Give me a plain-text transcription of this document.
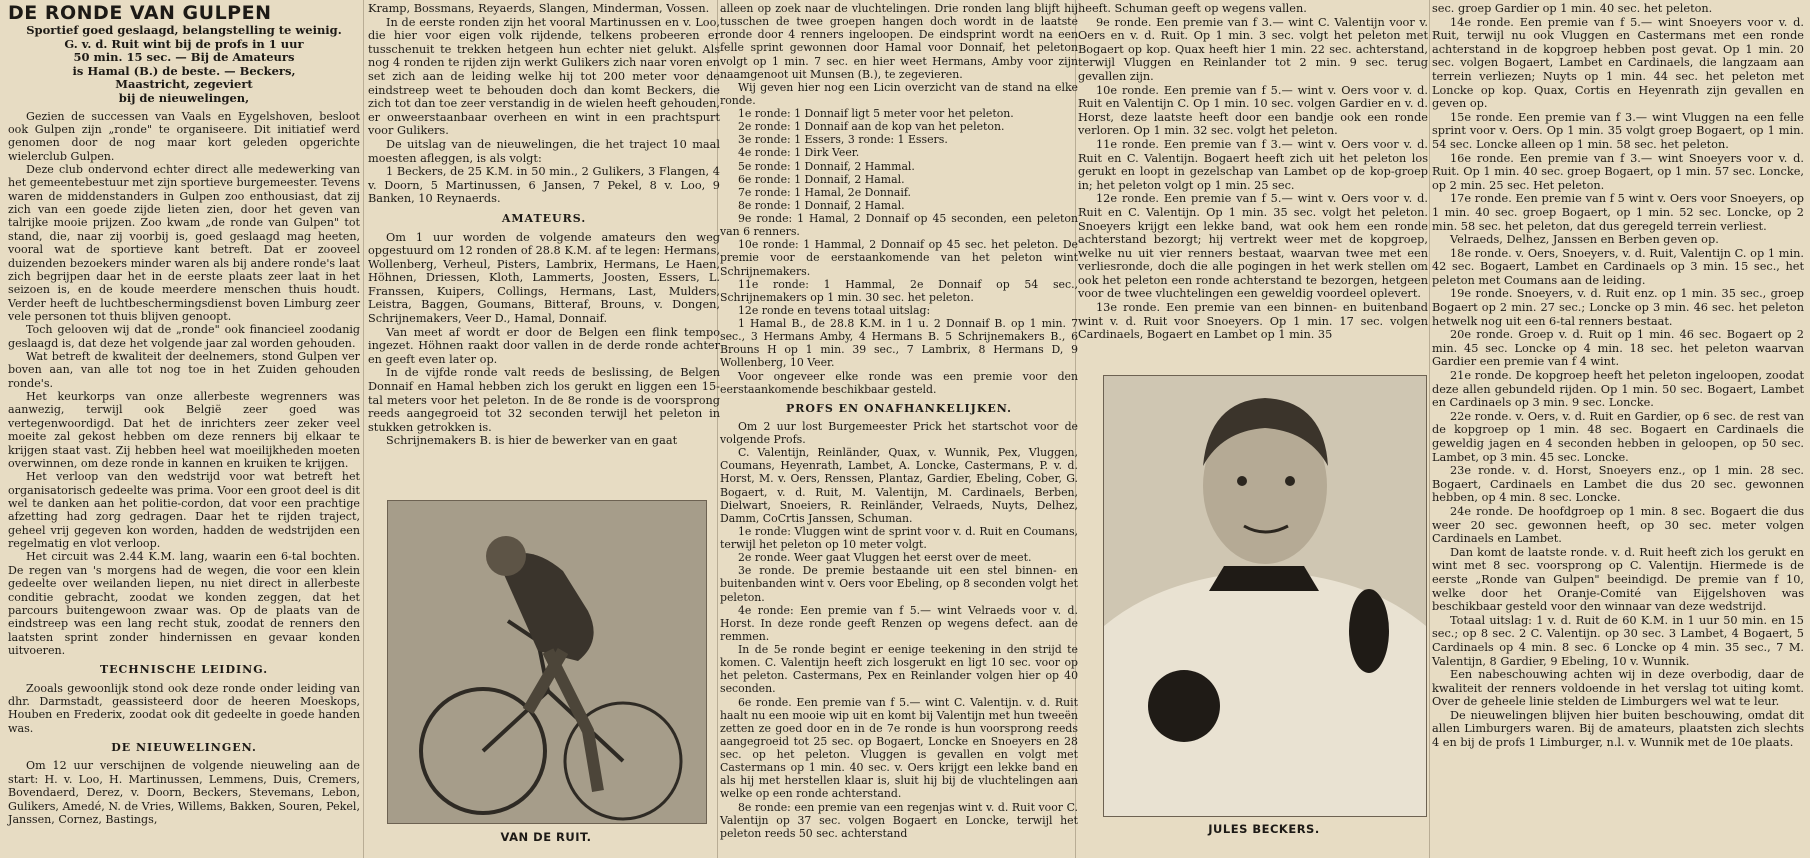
DE RONDE VAN GULPEN

Sportief goed geslaagd, belangstelling te weinig.
G. v. d. Ruit wint bij de profs in 1 uur
50 min. 15 sec. — Bij de Amateurs
is Hamal (B.) de beste. — Beckers,
Maastricht, zegeviert
bij de nieuwelingen,

Gezien de successen van Vaals en Eygelshoven, besloot ook Gulpen zijn „ronde" te organiseere. Dit initiatief werd genomen door de nog maar kort geleden opgerichte wielerclub Gulpen.

Deze club ondervond echter direct alle medewerking van het gemeentebestuur met zijn sportieve burgemeester. Tevens waren de middenstanders in Gulpen zoo enthousiast, dat zij zich van een goede zijde lieten zien, door het geven van talrijke mooie prijzen. Zoo kwam „de ronde van Gulpen" tot stand, die, naar zij voorbij is, goed geslaagd mag heeten, vooral wat de sportieve kant betreft. Dat er zooveel duizenden bezoekers minder waren als bij andere ronde's laat zich begrijpen daar het in de eerste plaats zeer laat in het seizoen is, en de koude meerdere menschen thuis houdt. Verder heeft de luchtbeschermingsdienst boven Limburg zeer vele personen tot thuis blijven genoopt.

Toch gelooven wij dat de „ronde" ook financieel zoodanig geslaagd is, dat deze het volgende jaar zal worden gehouden.

Wat betreft de kwaliteit der deelnemers, stond Gulpen ver boven aan, van alle tot nog toe in het Zuiden gehouden ronde's.

Het keurkorps van onze allerbeste wegrenners was aanwezig, terwijl ook België zeer goed was vertegenwoordigd. Dat het de inrichters zeer zeker veel moeite zal gekost hebben om deze renners bij elkaar te krijgen staat vast. Zij hebben heel wat moeilijkheden moeten overwinnen, om deze ronde in kannen en kruiken te krijgen.

Het verloop van den wedstrijd voor wat betreft het organisatorisch gedeelte was prima. Voor een groot deel is dit wel te danken aan het politie-cordon, dat voor een prachtige afzetting had zorg gedragen. Daar het te rijden traject, geheel vrij gegeven kon worden, hadden de wedstrijden een regelmatig en vlot verloop.

Het circuit was 2.44 K.M. lang, waarin een 6-tal bochten. De regen van 's morgens had de wegen, die voor een klein gedeelte over weilanden liepen, nu niet direct in allerbeste conditie gebracht, zoodat we konden zeggen, dat het parcours buitengewoon zwaar was. Op de plaats van de eindstreep was een lang recht stuk, zoodat de renners den laatsten sprint zonder hindernissen en gevaar konden uitvoeren.

TECHNISCHE LEIDING.

Zooals gewoonlijk stond ook deze ronde onder leiding van dhr. Darmstadt, geassisteerd door de heeren Moeskops, Houben en Frederix, zoodat ook dit gedeelte in goede handen was.

DE NIEUWELINGEN.

Om 12 uur verschijnen de volgende nieuweling aan de start: H. v. Loo, H. Martinussen, Lemmens, Duis, Cremers, Bovendaerd, Derez, v. Doorn, Beckers, Stevemans, Lebon, Gulikers, Amedé, N. de Vries, Willems, Bakken, Souren, Pekel, Janssen, Cornez, Bastings,

Kramp, Bossmans, Reyaerds, Slangen, Minderman, Vossen.

In de eerste ronden zijn het vooral Martinussen en v. Loo, die hier voor eigen volk rijdende, telkens probeeren er tusschenuit te trekken hetgeen hun echter niet gelukt. Als nog 4 ronden te rijden zijn werkt Gulikers zich naar voren en set zich aan de leiding welke hij tot 200 meter voor de eindstreep weet te behouden doch dan komt Beckers, die zich tot dan toe zeer verstandig in de wielen heeft gehouden, er onweerstaanbaar overheen en wint in een prachtspurt voor Gulikers.

De uitslag van de nieuwelingen, die het traject 10 maal moesten afleggen, is als volgt:

1 Beckers, de 25 K.M. in 50 min., 2 Gulikers, 3 Flangen, 4 v. Doorn, 5 Martinussen, 6 Jansen, 7 Pekel, 8 v. Loo, 9 Banken, 10 Reynaerds.

AMATEURS.

Om 1 uur worden de volgende amateurs den weg opgestuurd om 12 ronden of 28.8 K.M. af te legen: Hermans, Wollenberg, Verheul, Pisters, Lambrix, Hermans, Le Haen, Höhnen, Driessen, Kloth, Lammerts, Joosten, Essers, L. Franssen, Kuipers, Collings, Hermans, Last, Mulders, Leistra, Baggen, Goumans, Bitteraf, Brouns, v. Dongen, Schrijnemakers, Veer D., Hamal, Donnaif.

Van meet af wordt er door de Belgen een flink tempo ingezet. Höhnen raakt door vallen in de derde ronde achter en geeft even later op.

In de vijfde ronde valt reeds de beslissing, de Belgen Donnaif en Hamal hebben zich los gerukt en liggen een 15-tal meters voor het peleton. In de 8e ronde is de voorsprong reeds aangegroeid tot 32 seconden terwijl het peleton in stukken getrokken is.

Schrijnemakers B. is hier de bewerker van en gaat

VAN DE RUIT.

alleen op zoek naar de vluchtelingen. Drie ronden lang blijft hij tusschen de twee groepen hangen doch wordt in de laatste ronde door 4 renners ingeloopen. De eindsprint wordt na een felle sprint gewonnen door Hamal voor Donnaif, het peleton volgt op 1 min. 7 sec. en hier weet Hermans, Amby voor zijn naamgenoot uit Munsen (B.), te zegevieren.

Wij geven hier nog een Licin overzicht van de stand na elke ronde.

1e ronde: 1 Donnaif ligt 5 meter voor het peleton.

2e ronde: 1 Donnaif aan de kop van het peleton.

3e ronde: 1 Essers, 3 ronde: 1 Essers.

4e ronde: 1 Dirk Veer.

5e ronde: 1 Donnaif, 2 Hammal.

6e ronde: 1 Donnaif, 2 Hamal.

7e ronde: 1 Hamal, 2e Donnaif.

8e ronde: 1 Donnaif, 2 Hamal.

9e ronde: 1 Hamal, 2 Donnaif op 45 seconden, een peleton van 6 renners.

10e ronde: 1 Hammal, 2 Donnaif op 45 sec. het peleton. De premie voor de eerstaankomende van het peleton wint Schrijnemakers.

11e ronde: 1 Hammal, 2e Donnaif op 54 sec., Schrijnemakers op 1 min. 30 sec. het peleton.

12e ronde en tevens totaal uitslag:

1 Hamal B., de 28.8 K.M. in 1 u. 2 Donnaif B. op 1 min. 7 sec., 3 Hermans Amby, 4 Hermans B. 5 Schrijnemakers B., 6 Brouns H op 1 min. 39 sec., 7 Lambrix, 8 Hermans D, 9 Wollenberg, 10 Veer.

Voor ongeveer elke ronde was een premie voor den eerstaankomende beschikbaar gesteld.

PROFS EN ONAFHANKELIJKEN.

Om 2 uur lost Burgemeester Prick het startschot voor de volgende Profs.

C. Valentijn, Reinländer, Quax, v. Wunnik, Pex, Vluggen, Coumans, Heyenrath, Lambet, A. Loncke, Castermans, P. v. d. Horst, M. v. Oers, Renssen, Plantaz, Gardier, Ebeling, Cober, G. Bogaert, v. d. Ruit, M. Valentijn, M. Cardinaels, Berben, Dielwart, Snoeiers, R. Reinländer, Velraeds, Nuyts, Delhez, Damm, CoCrtis Janssen, Schuman.

1e ronde: Vluggen wint de sprint voor v. d. Ruit en Coumans, terwijl het peleton op 10 meter volgt.

2e ronde. Weer gaat Vluggen het eerst over de meet.

3e ronde. De premie bestaande uit een stel binnen- en buitenbanden wint v. Oers voor Ebeling, op 8 seconden volgt het peleton.

4e ronde: Een premie van f 5.— wint Velraeds voor v. d. Horst. In deze ronde geeft Renzen op wegens defect. aan de remmen.

In de 5e ronde begint er eenige teekening in den strijd te komen. C. Valentijn heeft zich losgerukt en ligt 10 sec. voor op het peleton. Castermans, Pex en Reinlander volgen hier op 40 seconden.

6e ronde. Een premie van f 5.— wint C. Valentijn. v. d. Ruit haalt nu een mooie wip uit en komt bij Valentijn met hun tweeën zetten ze goed door en in de 7e ronde is hun voorsprong reeds aangegroeid tot 25 sec. op Bogaert, Loncke en Snoeyers en 28 sec. op het peleton. Vluggen is gevallen en volgt met Castermans op 1 min. 40 sec. v. Oers krijgt een lekke band en als hij met herstellen klaar is, sluit hij bij de vluchtelingen aan welke op een ronde achterstand.

8e ronde: een premie van een regenjas wint v. d. Ruit voor C. Valentijn op 37 sec. volgen Bogaert en Loncke, terwijl het peleton reeds 50 sec. achterstand

heeft. Schuman geeft op wegens vallen.

9e ronde. Een premie van f 3.— wint C. Valentijn voor v. Oers en v. d. Ruit. Op 1 min. 3 sec. volgt het peleton met Bogaert op kop. Quax heeft hier 1 min. 22 sec. achterstand, terwijl Vluggen en Reinlander tot 2 min. 9 sec. terug gevallen zijn.

10e ronde. Een premie van f 5.— wint v. Oers voor v. d. Ruit en Valentijn C. Op 1 min. 10 sec. volgen Gardier en v. d. Horst, deze laatste heeft door een bandje ook een ronde verloren. Op 1 min. 32 sec. volgt het peleton.

11e ronde. Een premie van f 3.— wint v. Oers voor v. d. Ruit en C. Valentijn. Bogaert heeft zich uit het peleton los gerukt en loopt in gezelschap van Lambet op de kop-groep in; het peleton volgt op 1 min. 25 sec.

12e ronde. Een premie van f 5.— wint v. Oers voor v. d. Ruit en C. Valentijn. Op 1 min. 35 sec. volgt het peleton. Snoeyers krijgt een lekke band, wat ook hem een ronde achterstand bezorgt; hij vertrekt weer met de kopgroep, welke nu uit vier renners bestaat, waarvan twee met een verliesronde, doch die alle pogingen in het werk stellen om ook het peleton een ronde achterstand te bezorgen, hetgeen voor de twee vluchtelingen een geweldig voordeel oplevert.

13e ronde. Een premie van een binnen- en buitenband wint v. d. Ruit voor Snoeyers. Op 1 min. 17 sec. volgen Cardinaels, Bogaert en Lambet op 1 min. 35

JULES BECKERS.

sec. groep Gardier op 1 min. 40 sec. het peleton.

14e ronde. Een premie van f 5.— wint Snoeyers voor v. d. Ruit, terwijl nu ook Vluggen en Castermans met een ronde achterstand in de kopgroep hebben post gevat. Op 1 min. 20 sec. volgen Bogaert, Lambet en Cardinaels, die langzaam aan terrein verliezen; Nuyts op 1 min. 44 sec. het peleton met Loncke op kop. Quax, Cortis en Heyenrath zijn gevallen en geven op.

15e ronde. Een premie van f 3.— wint Vluggen na een felle sprint voor v. Oers. Op 1 min. 35 volgt groep Bogaert, op 1 min. 54 sec. Loncke alleen op 1 min. 58 sec. het peleton.

16e ronde. Een premie van f 3.— wint Snoeyers voor v. d. Ruit. Op 1 min. 40 sec. groep Bogaert, op 1 min. 57 sec. Loncke, op 2 min. 25 sec. Het peleton.

17e ronde. Een premie van f 5 wint v. Oers voor Snoeyers, op 1 min. 40 sec. groep Bogaert, op 1 min. 52 sec. Loncke, op 2 min. 58 sec. het peleton, dat dus geregeld terrein verliest.

Velraeds, Delhez, Janssen en Berben geven op.

18e ronde. v. Oers, Snoeyers, v. d. Ruit, Valentijn C. op 1 min. 42 sec. Bogaert, Lambet en Cardinaels op 3 min. 15 sec., het peleton met Coumans aan de leiding.

19e ronde. Snoeyers, v. d. Ruit enz. op 1 min. 35 sec., groep Bogaert op 2 min. 27 sec.; Loncke op 3 min. 46 sec. het peleton hetwelk nog uit een 6-tal renners bestaat.

20e ronde. Groep v. d. Ruit op 1 min. 46 sec. Bogaert op 2 min. 45 sec. Loncke op 4 min. 18 sec. het peleton waarvan Gardier een premie van f 4 wint.

21e ronde. De kopgroep heeft het peleton ingeloopen, zoodat deze allen gebundeld rijden. Op 1 min. 50 sec. Bogaert, Lambet en Cardinaels op 3 min. 9 sec. Loncke.

22e ronde. v. Oers, v. d. Ruit en Gardier, op 6 sec. de rest van de kopgroep op 1 min. 48 sec. Bogaert en Cardinaels die geweldig jagen en 4 seconden hebben in geloopen, op 50 sec. Lambet, op 3 min. 45 sec. Loncke.

23e ronde. v. d. Horst, Snoeyers enz., op 1 min. 28 sec. Bogaert, Cardinaels en Lambet die dus 20 sec. gewonnen hebben, op 4 min. 8 sec. Loncke.

24e ronde. De hoofdgroep op 1 min. 8 sec. Bogaert die dus weer 20 sec. gewonnen heeft, op 30 sec. meter volgen Cardinaels en Lambet.

Dan komt de laatste ronde. v. d. Ruit heeft zich los gerukt en wint met 8 sec. voorsprong op C. Valentijn. Hiermede is de eerste „Ronde van Gulpen" beeindigd. De premie van f 10, welke door het Oranje-Comité van Eijgelshoven was beschikbaar gesteld voor den winnaar van deze wedstrijd.

Totaal uitslag: 1 v. d. Ruit de 60 K.M. in 1 uur 50 min. en 15 sec.; op 8 sec. 2 C. Valentijn. op 30 sec. 3 Lambet, 4 Bogaert, 5 Cardinaels op 4 min. 8 sec. 6 Loncke op 4 min. 35 sec., 7 M. Valentijn, 8 Gardier, 9 Ebeling, 10 v. Wunnik.

Een nabeschouwing achten wij in deze overbodig, daar de kwaliteit der renners voldoende in het verslag tot uiting komt. Over de geheele linie stelden de Limburgers wel wat te leur.

De nieuwelingen blijven hier buiten beschouwing, omdat dit allen Limburgers waren. Bij de amateurs, plaatsten zich slechts 4 en bij de profs 1 Limburger, n.l. v. Wunnik met de 10e plaats.
